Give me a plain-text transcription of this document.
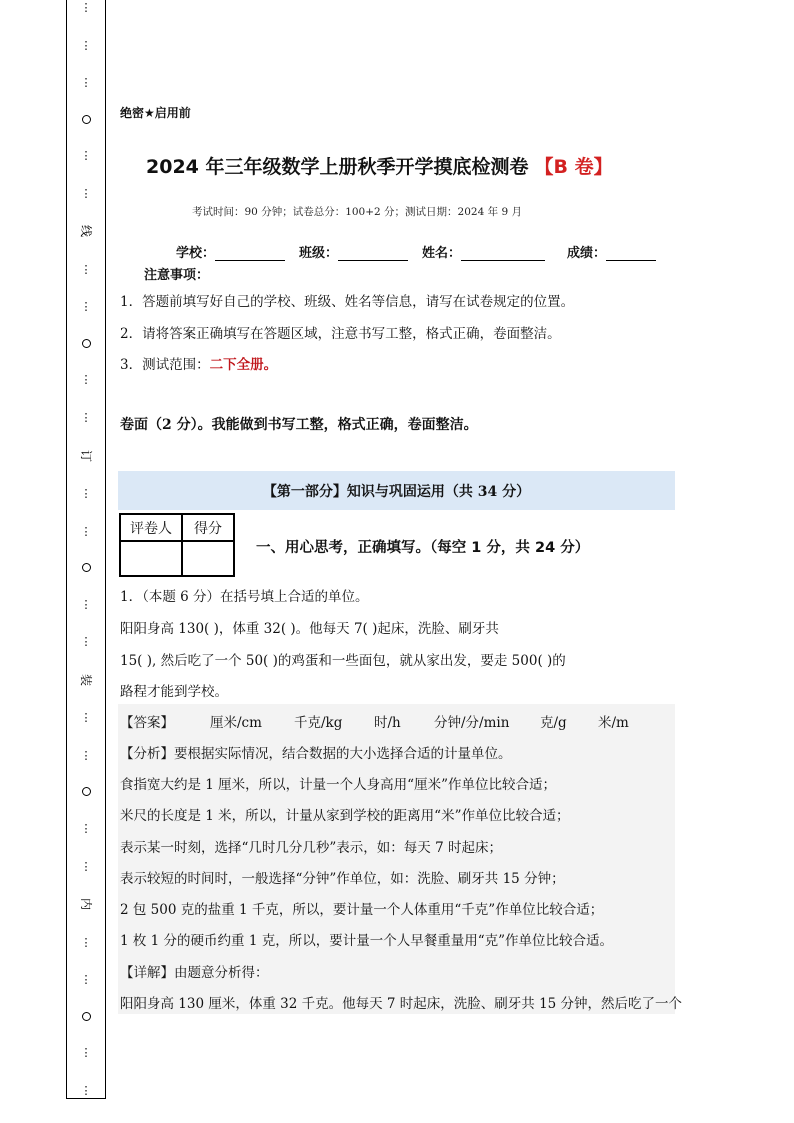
⋮
⋮
⋮
⋮
⋮
线
⋮
⋮
⋮
⋮
订
⋮
⋮
⋮
⋮
装
⋮
⋮
⋮
⋮
内
⋮
⋮
⋮
⋮
绝密★启用前
2024 年三年级数学上册秋季开学摸底检测卷 【B 卷】
考试时间：90 分钟；试卷总分：100+2 分；测试日期：2024 年 9 月
学校：	班级：	姓名：	成绩：
注意事项：
1．答题前填写好自己的学校、班级、姓名等信息，请写在试卷规定的位置。
2．请将答案正确填写在答题区域，注意书写工整，格式正确，卷面整洁。
3．测试范围：二下全册。
卷面（2 分）。我能做到书写工整，格式正确，卷面整洁。
【第一部分】知识与巩固运用（共 34 分）
评卷人	得分

一、用心思考，正确填写。（每空 1 分，共 24 分）
1．（本题 6 分）在括号填上合适的单位。
阳阳身高 130( )，体重 32( )。他每天 7( )起床，洗脸、刷牙共
15( ), 然后吃了一个 50( )的鸡蛋和一些面包，就从家出发，要走 500( )的
路程才能到学校。
【答案】	厘米/cm	千克/kg	时/h	分钟/分/min	克/g	米/m
【分析】要根据实际情况，结合数据的大小选择合适的计量单位。
食指宽大约是 1 厘米，所以，计量一个人身高用“厘米”作单位比较合适；
米尺的长度是 1 米，所以，计量从家到学校的距离用“米”作单位比较合适；
表示某一时刻，选择“几时几分几秒”表示，如：每天 7 时起床；
表示较短的时间时，一般选择“分钟”作单位，如：洗脸、刷牙共 15 分钟；
2 包 500 克的盐重 1 千克，所以，要计量一个人体重用“千克”作单位比较合适；
1 枚 1 分的硬币约重 1 克，所以，要计量一个人早餐重量用“克”作单位比较合适。
【详解】由题意分析得：
阳阳身高 130 厘米，体重 32 千克。他每天 7 时起床，洗脸、刷牙共 15 分钟，然后吃了一个
